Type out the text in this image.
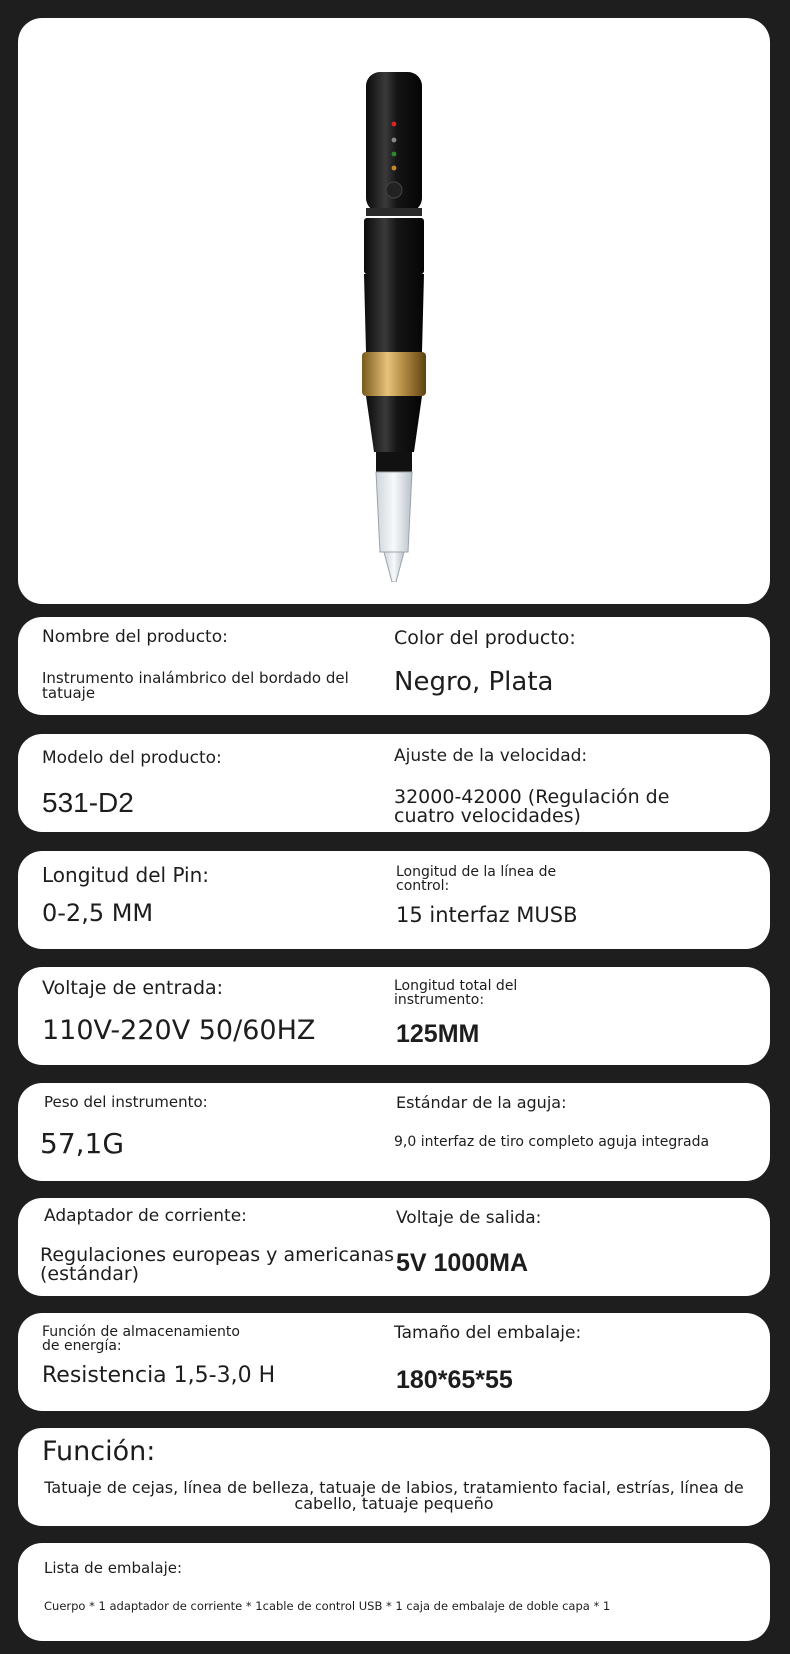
Nombre del producto:
Instrumento inalámbrico del bordado del tatuaje
Color del producto:
Negro, Plata
Modelo del producto:
531-D2
Ajuste de la velocidad:
32000-42000 (Regulación de cuatro velocidades)
Longitud del Pin:
0-2,5 MM
Longitud de la línea de control:
15 interfaz MUSB
Voltaje de entrada:
110V-220V 50/60HZ
Longitud total del instrumento:
125MM
Peso del instrumento:
57,1G
Estándar de la aguja:
9,0 interfaz de tiro completo aguja integrada
Adaptador de corriente:
Regulaciones europeas y americanas (estándar)
Voltaje de salida:
5V 1000MA
Función de almacenamiento de energía:
Resistencia 1,5-3,0 H
Tamaño del embalaje:
180*65*55
Función:
Tatuaje de cejas, línea de belleza, tatuaje de labios, tratamiento facial, estrías, línea de cabello, tatuaje pequeño
Lista de embalaje:
Cuerpo * 1 adaptador de corriente * 1cable de control USB * 1 caja de embalaje de doble capa * 1
